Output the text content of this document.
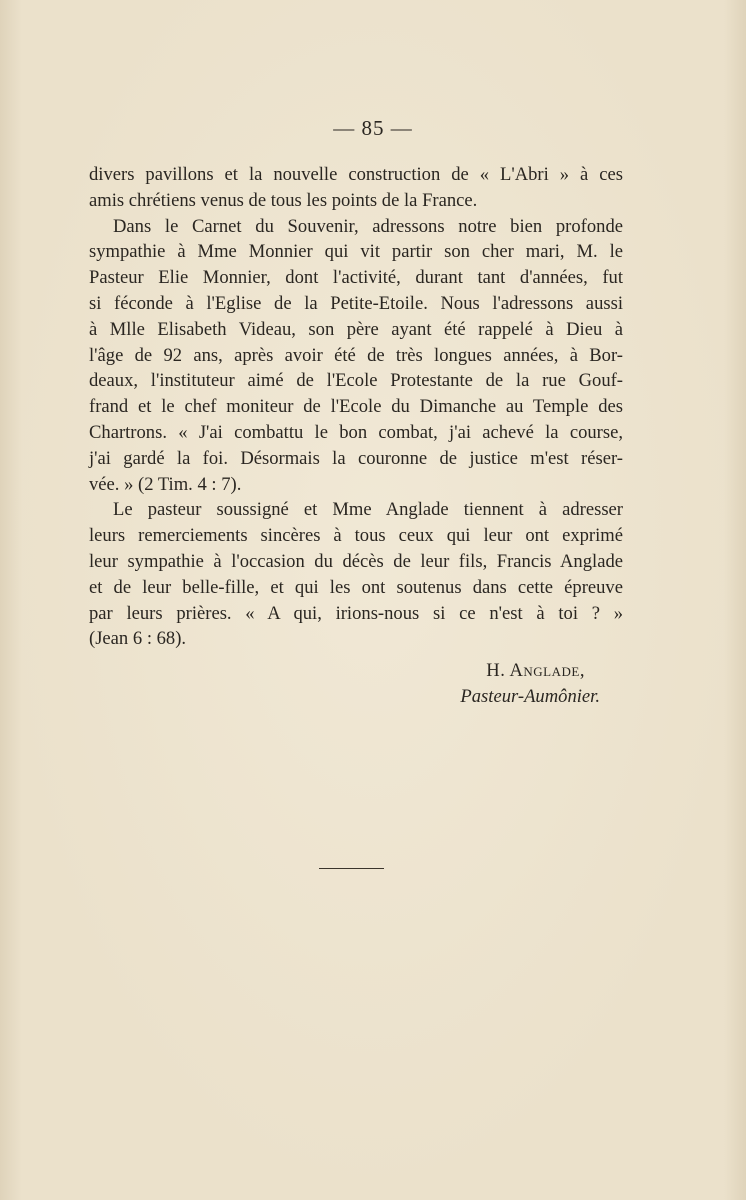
— 85 —

divers pavillons et la nouvelle construction de « L'Abri » à ces
amis chrétiens venus de tous les points de la France.

Dans le Carnet du Souvenir, adressons notre bien profonde
sympathie à Mme Monnier qui vit partir son cher mari, M. le
Pasteur Elie Monnier, dont l'activité, durant tant d'années, fut
si féconde à l'Eglise de la Petite-Etoile. Nous l'adressons aussi
à Mlle Elisabeth Videau, son père ayant été rappelé à Dieu à
l'âge de 92 ans, après avoir été de très longues années, à Bor-
deaux, l'instituteur aimé de l'Ecole Protestante de la rue Gouf-
frand et le chef moniteur de l'Ecole du Dimanche au Temple des
Chartrons. « J'ai combattu le bon combat, j'ai achevé la course,
j'ai gardé la foi. Désormais la couronne de justice m'est réser-
vée. » (2 Tim. 4 : 7).

Le pasteur soussigné et Mme Anglade tiennent à adresser
leurs remerciements sincères à tous ceux qui leur ont exprimé
leur sympathie à l'occasion du décès de leur fils, Francis Anglade
et de leur belle-fille, et qui les ont soutenus dans cette épreuve
par leurs prières. « A qui, irions-nous si ce n'est à toi ? »
(Jean 6 : 68).

H. Anglade,
Pasteur-Aumônier.
